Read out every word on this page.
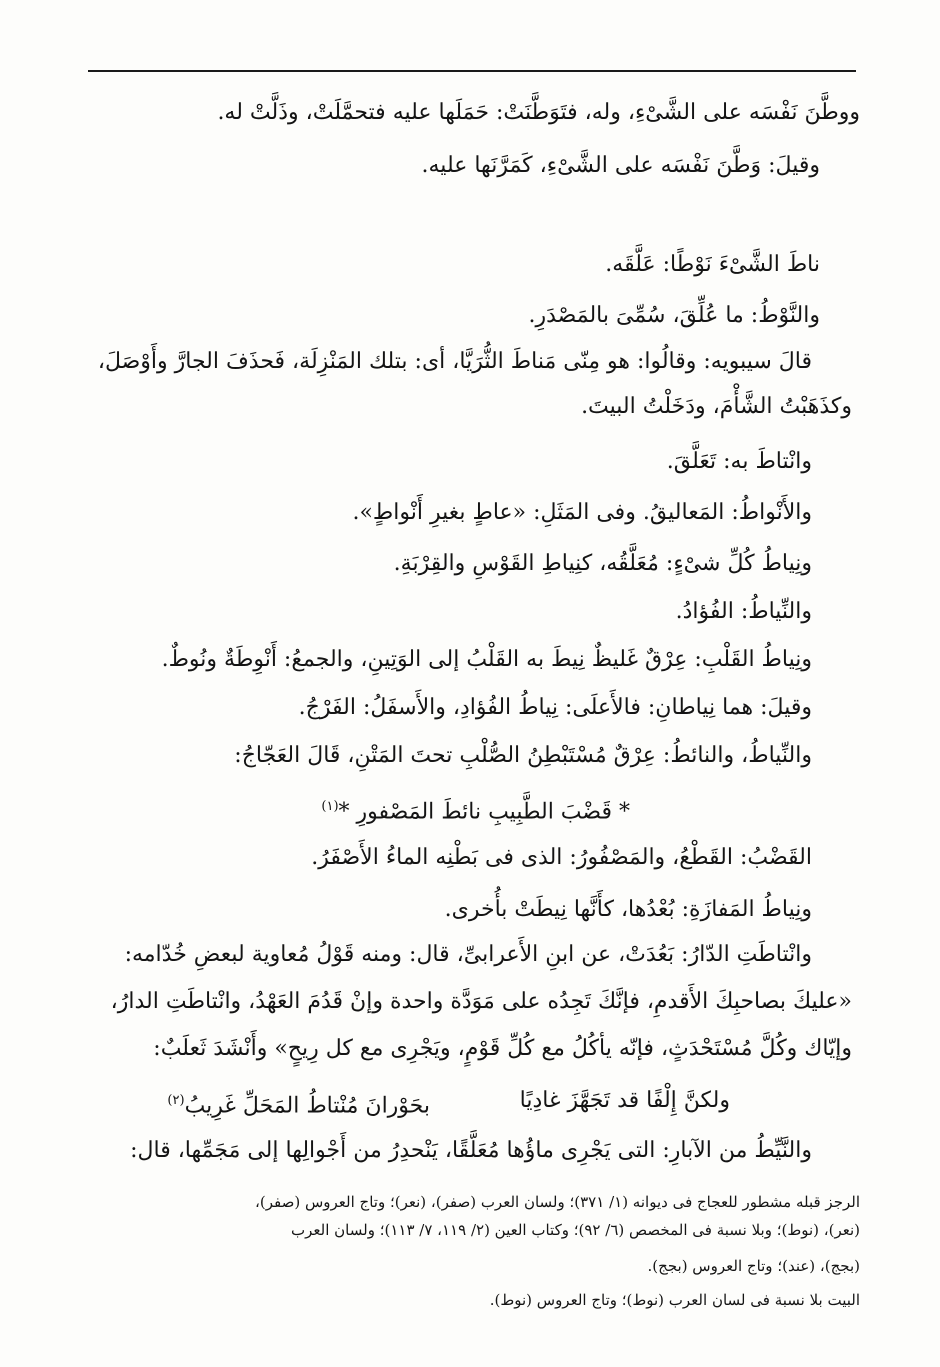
ووطَّنَ نَفْسَه على الشَّىْءِ، وله، فتَوَطَّنَتْ: حَمَلَها عليه فتحمَّلَتْ، وذَلَّتْ له.
وقيلَ: وَطَّنَ نَفْسَه على الشَّىْءِ، كَمَرَّنَها عليه.
ناطَ الشَّىْءَ نَوْطًا: عَلَّقَه.
والنَّوْطُ: ما عُلِّقَ، سُمِّىَ بالمَصْدَرِ.
قالَ سيبويه: وقالُوا: هو مِنّى مَناطَ الثُّرَيَّا، أى: بتلك المَنْزِلَة، فَحذَفَ الجارَّ وأَوْصَلَ،
وكذَهَبْتُ الشَّأْمَ، ودَخَلْتُ البيتَ.
وانْتاطَ به: تَعَلَّقَ.
والأَنْواطُ: المَعاليقُ. وفى المَثَلِ: «عاطٍ بغيرِ أَنْواطٍ».
ونِياطُ كُلِّ شىْءٍ: مُعَلَّقُه، كنِياطِ القَوْسِ والقِرْبَةِ.
والنِّياطُ: الفُؤادُ.
ونِياطُ القَلْبِ: عِرْقٌ غَليظٌ نِيطَ به القَلْبُ إلى الوَتِينِ، والجمعُ: أَنْوِطَةٌ ونُوطٌ.
وقيلَ: هما نِياطانِ: فالأَعلَى: نِياطُ الفُؤادِ، والأَسفَلُ: الفَرْجُ.
والنِّياطُ، والنائطُ: عِرْقٌ مُسْتَبْطِنُ الصُّلْبِ تحتَ المَتْنِ، قَالَ العَجّاجُ:
* قَضْبَ الطَّبِيبِ نائطَ المَصْفورِ *$^{(١)}$
القَضْبُ: القَطْعُ، والمَصْفُورُ: الذى فى بَطْنِه الماءُ الأَصْفَرُ.
ونِياطُ المَفازَةِ: بُعْدُها، كأَنَّها نِيطَتْ بأُخرى.
وانْتاطَتِ الدّارُ: بَعُدَتْ، عن ابنِ الأَعرابىِّ، قال: ومنه قَوْلُ مُعاوية لبعضِ خُدّامه:
«عليكَ بصاحبِكَ الأَقدمِ، فإنَّكَ تَجِدُه على مَوَدَّة واحدة وإنْ قَدُمَ العَهْدُ، وانْتاطَتِ الدارُ،
وإيّاك وكُلَّ مُسْتَحْدَثٍ، فإنّه يأكُلُ مع كُلِّ قَوْمٍ، ويَجْرِى مع كل رِيحٍ» وأَنْشَدَ ثَعلَبٌ:
ولكنَّ إِلْفًا قد تَجَهَّزَ غادِيًا
بحَوْرانَ مُنْتاطُ المَحَلِّ غَرِيبُ$^{(٢)}$
والنَّيِّطُ من الآبارِ: التى يَجْرِى ماؤُها مُعَلَّقًا، يَنْحدِرُ من أَجْوالِها إلى مَجَمِّها، قال:
الرجز قبله مشطور للعجاج فى ديوانه (١/ ٣٧١)؛ ولسان العرب (صفر)، (نعر)؛ وتاج العروس (صفر)،
(نعر)، (نوط)؛ وبلا نسبة فى المخصص (٦/ ٩٢)؛ وكتاب العين (٢/ ١١٩، ٧/ ١١٣)؛ ولسان العرب
(بجج)، (عند)؛ وتاج العروس (بجج).
البيت بلا نسبة فى لسان العرب (نوط)؛ وتاج العروس (نوط).
